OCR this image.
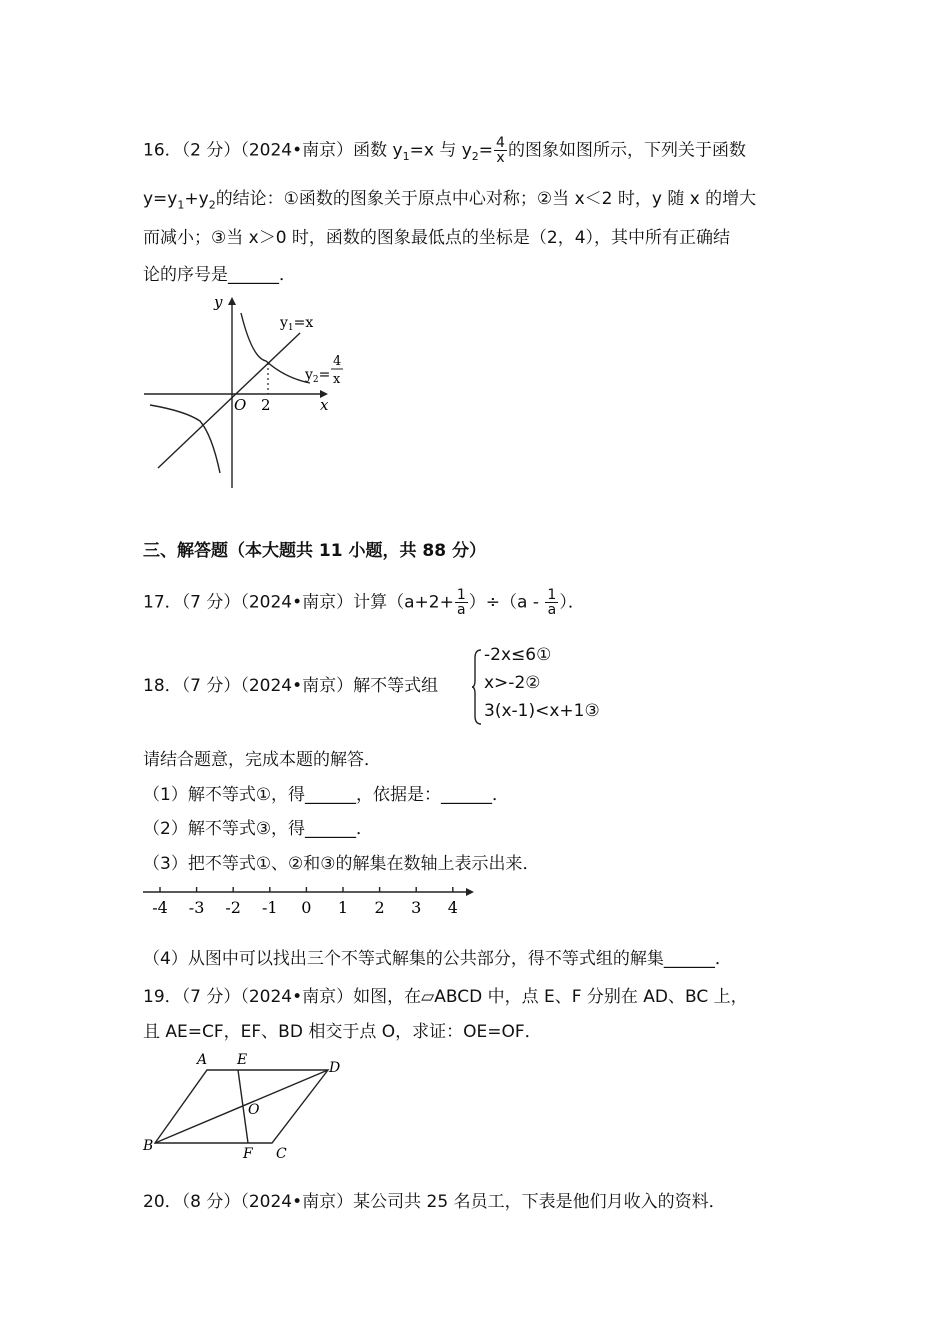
16．（2 分）（2024•南京）函数 $y_1=x$ 与 $y_2= \frac{4}{x}$ 的图象如图所示，下列关于函数
$y=y_1+y_2$的结论：①函数的图象关于原点中心对称；②当 x＜2 时，y 随 x 的增大
而减小；③当 x＞0 时，函数的图象最低点的坐标是（2，4），其中所有正确结
论的序号是______．
y
x
O 2
$y_1=x$
$y_2=$
4
x
三、解答题（本大题共 11 小题，共 88 分）
17．（7 分）（2024•南京）计算$(a+2+ \frac{1}{a} )\div(a - \frac{1}{a}$ ）．
18．（7 分）（2024•南京）解不等式组
-2x≤6①
x>-2②
3(x-1)<x+1③
请结合题意，完成本题的解答．
（1）解不等式①，得______，依据是：______．
（2）解不等式③，得______．
（3）把不等式①、②和③的解集在数轴上表示出来．
-4 -3 -2 -1 0 1 2 3 4
（4）从图中可以找出三个不等式解集的公共部分，得不等式组的解集______．
19．（7 分）（2024•南京）如图，在▱ABCD 中，点 E、F 分别在 AD、BC 上，
且 AE=CF，EF、BD 相交于点 O，求证：OE=OF．
A E	D
O
B	F C
20．（8 分）（2024•南京）某公司共 25 名员工，下表是他们月收入的资料．
